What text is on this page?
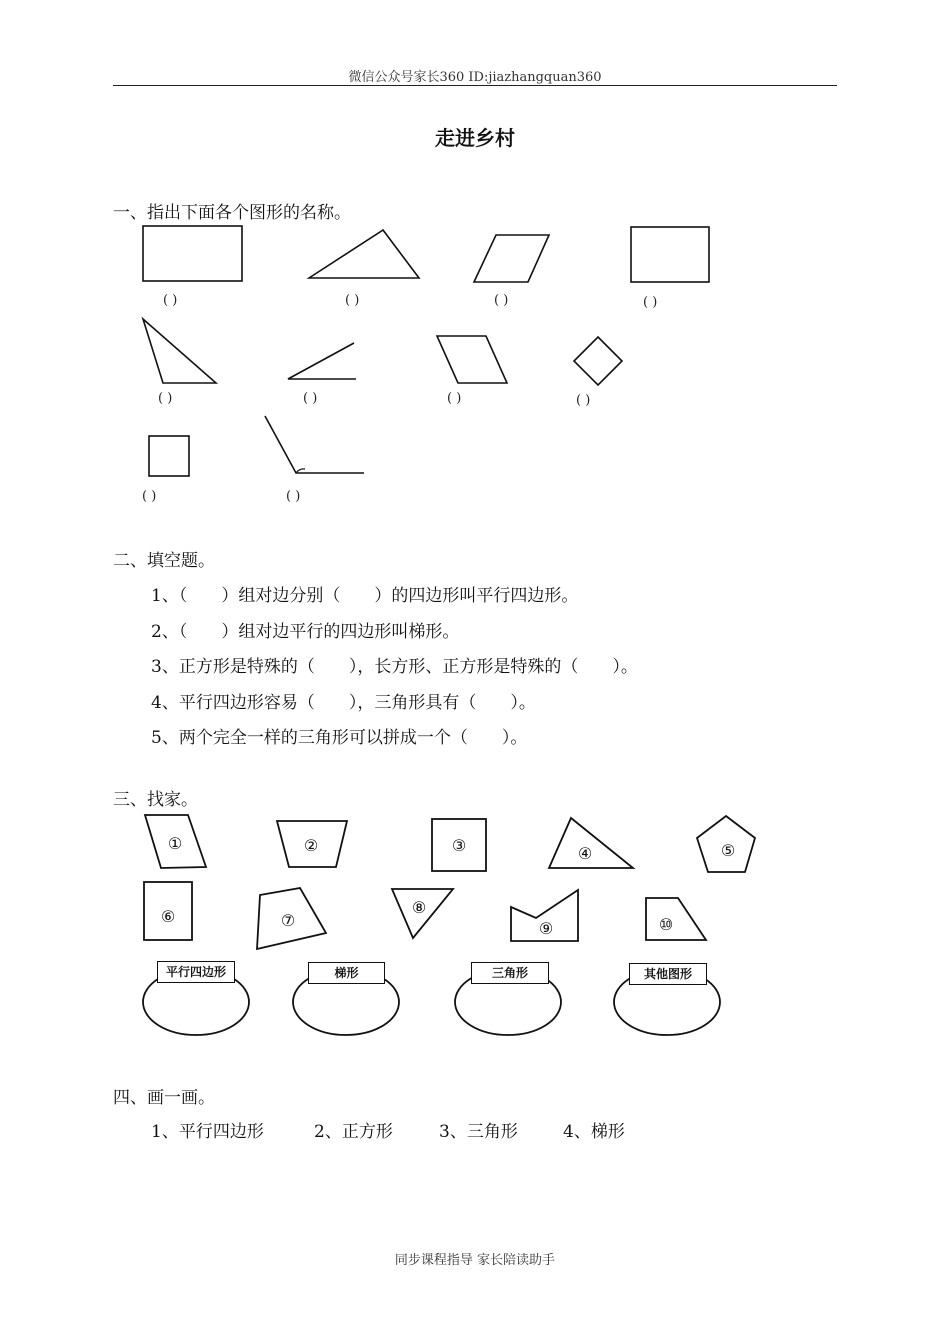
微信公众号家长360 ID:jiazhangquan360
走进乡村
一、指出下面各个图形的名称。
( )	( )	( )	( )
( )	( )	( )	( )
( )	( )
二、填空题。
1、（　　）组对边分别（　　）的四边形叫平行四边形。
2、（　　）组对边平行的四边形叫梯形。
3、正方形是特殊的（　　），长方形、正方形是特殊的（　　）。
4、平行四边形容易（　　），三角形具有（　　）。
5、两个完全一样的三角形可以拼成一个（　　）。
三、找家。
①	②	③	④	⑤
⑥	⑦
⑧
⑨	⑩
平行四边形	梯形	三角形	其他图形
四、画一画。
1、平行四边形	2、正方形	3、三角形	4、梯形
同步课程指导 家长陪读助手
